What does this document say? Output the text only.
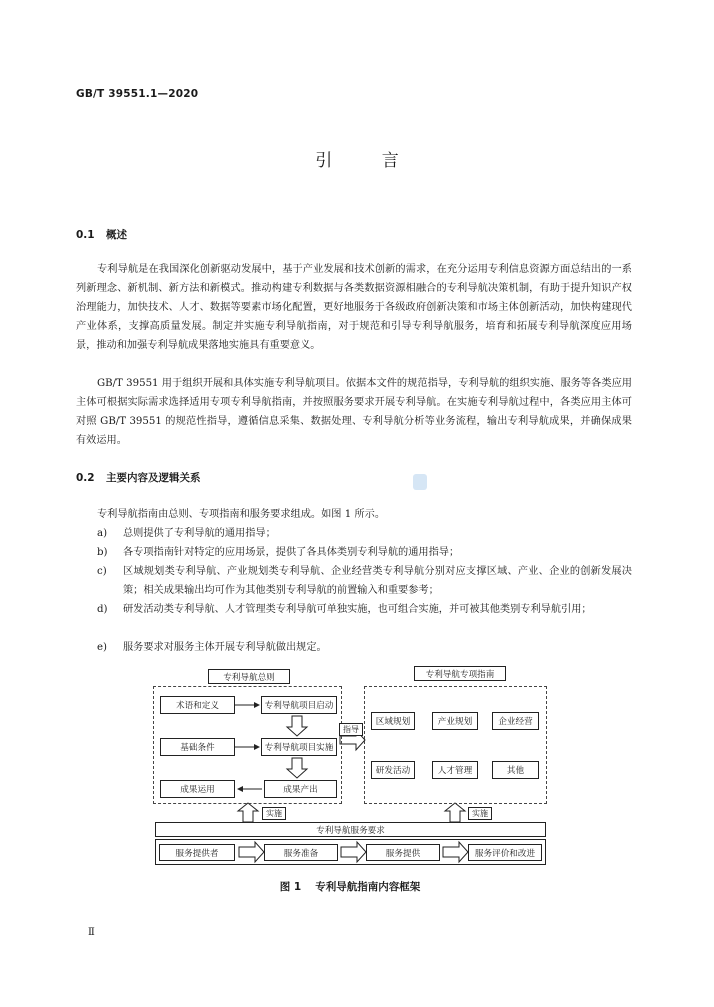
GB/T 39551.1—2020
引 言
0.1 概述
专利导航是在我国深化创新驱动发展中，基于产业发展和技术创新的需求，在充分运用专利信息资源方面总结出的一系列新理念、新机制、新方法和新模式。推动构建专利数据与各类数据资源相融合的专利导航决策机制，有助于提升知识产权治理能力，加快技术、人才、数据等要素市场化配置，更好地服务于各级政府创新决策和市场主体创新活动，加快构建现代产业体系，支撑高质量发展。制定并实施专利导航指南，对于规范和引导专利导航服务，培育和拓展专利导航深度应用场景，推动和加强专利导航成果落地实施具有重要意义。
GB/T 39551 用于组织开展和具体实施专利导航项目。依据本文件的规范指导，专利导航的组织实施、服务等各类应用主体可根据实际需求选择适用专项专利导航指南，并按照服务要求开展专利导航。在实施专利导航过程中，各类应用主体可对照 GB/T 39551 的规范性指导，遵循信息采集、数据处理、专利导航分析等业务流程，输出专利导航成果，并确保成果有效运用。
0.2 主要内容及逻辑关系
专利导航指南由总则、专项指南和服务要求组成。如图 1 所示。
a)	总则提供了专利导航的通用指导；
b)	各专项指南针对特定的应用场景，提供了各具体类别专利导航的通用指导；
c)	区域规划类专利导航、产业规划类专利导航、企业经营类专利导航分别对应支撑区域、产业、企业的创新发展决策；相关成果输出均可作为其他类别专利导航的前置输入和重要参考；
d)	研发活动类专利导航、人才管理类专利导航可单独实施，也可组合实施，并可被其他类别专利导航引用；
e)	服务要求对服务主体开展专利导航做出规定。
专利导航总则
术语和定义
基础条件
成果运用
专利导航项目启动
专利导航项目实施
成果产出
指导
专利导航专项指南
区域规划	产业规划	企业经营
研发活动	人才管理	其他
实施	实施
专利导航服务要求
服务提供者	服务准备	服务提供	服务评价和改进
图 1 专利导航指南内容框架
Ⅱ
